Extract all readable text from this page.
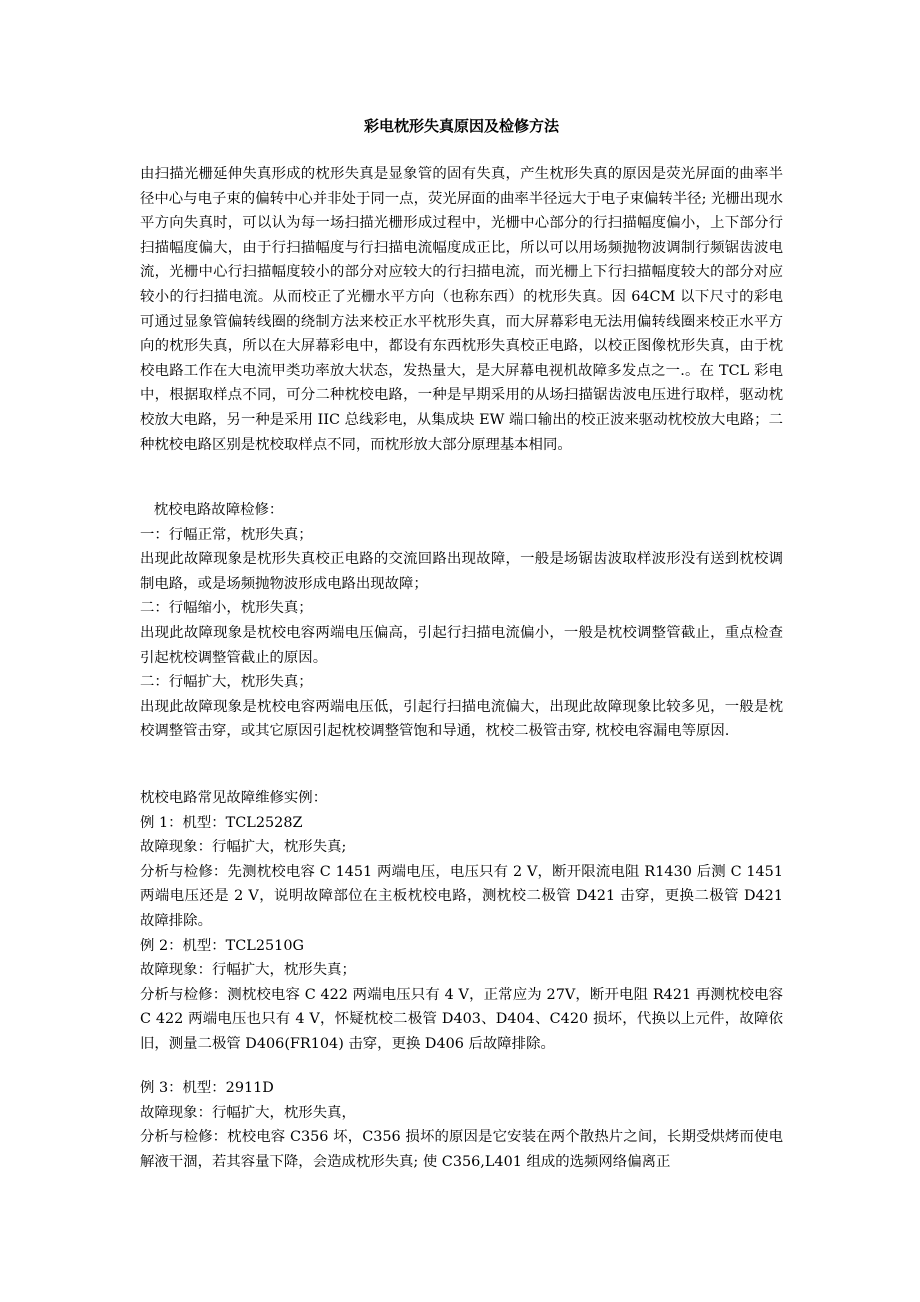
彩电枕形失真原因及检修方法
由扫描光栅延伸失真形成的枕形失真是显象管的固有失真，产生枕形失真的原因是荧光屏面的曲率半径中心与电子束的偏转中心并非处于同一点，荧光屏面的曲率半径远大于电子束偏转半径; 光栅出现水平方向失真时，可以认为每一场扫描光栅形成过程中，光栅中心部分的行扫描幅度偏小，上下部分行扫描幅度偏大，由于行扫描幅度与行扫描电流幅度成正比，所以可以用场频抛物波调制行频锯齿波电流，光栅中心行扫描幅度较小的部分对应较大的行扫描电流，而光栅上下行扫描幅度较大的部分对应较小的行扫描电流。从而校正了光栅水平方向（也称东西）的枕形失真。因 64CM 以下尺寸的彩电可通过显象管偏转线圈的绕制方法来校正水平枕形失真，而大屏幕彩电无法用偏转线圈来校正水平方向的枕形失真，所以在大屏幕彩电中，都设有东西枕形失真校正电路，以校正图像枕形失真，由于枕校电路工作在大电流甲类功率放大状态，发热量大，是大屏幕电视机故障多发点之一.。在 TCL 彩电中，根据取样点不同，可分二种枕校电路，一种是早期采用的从场扫描锯齿波电压进行取样，驱动枕校放大电路，另一种是采用 IIC 总线彩电，从集成块 EW 端口输出的校正波来驱动枕校放大电路；二种枕校电路区别是枕校取样点不同，而枕形放大部分原理基本相同。
枕校电路故障检修：
一：行幅正常，枕形失真；
出现此故障现象是枕形失真校正电路的交流回路出现故障，一般是场锯齿波取样波形没有送到枕校调制电路，或是场频抛物波形成电路出现故障；
二：行幅缩小，枕形失真；
出现此故障现象是枕校电容两端电压偏高，引起行扫描电流偏小，一般是枕校调整管截止，重点检查引起枕校调整管截止的原因。
二：行幅扩大，枕形失真；
出现此故障现象是枕校电容两端电压低，引起行扫描电流偏大，出现此故障现象比较多见，一般是枕校调整管击穿，或其它原因引起枕校调整管饱和导通，枕校二极管击穿, 枕校电容漏电等原因.
枕校电路常见故障维修实例：
例 1：机型：TCL2528Z
故障现象：行幅扩大，枕形失真;
分析与检修：先测枕校电容 C 1451 两端电压，电压只有 2 V，断开限流电阻 R1430 后测 C 1451 两端电压还是 2 V，说明故障部位在主板枕校电路，测枕校二极管 D421 击穿，更换二极管 D421 故障排除。
例 2：机型：TCL2510G
故障现象：行幅扩大，枕形失真；
分析与检修：测枕校电容 C 422 两端电压只有 4 V，正常应为 27V，断开电阻 R421 再测枕校电容 C 422 两端电压也只有 4 V，怀疑枕校二极管 D403、D404、C420 损坏，代换以上元件，故障依旧，测量二极管 D406(FR104) 击穿，更换 D406 后故障排除。
例 3：机型：2911D
故障现象：行幅扩大，枕形失真，
分析与检修：枕校电容 C356 坏，C356 损坏的原因是它安装在两个散热片之间，长期受烘烤而使电解液干涸，若其容量下降，会造成枕形失真; 使 C356,L401 组成的选频网络偏离正
